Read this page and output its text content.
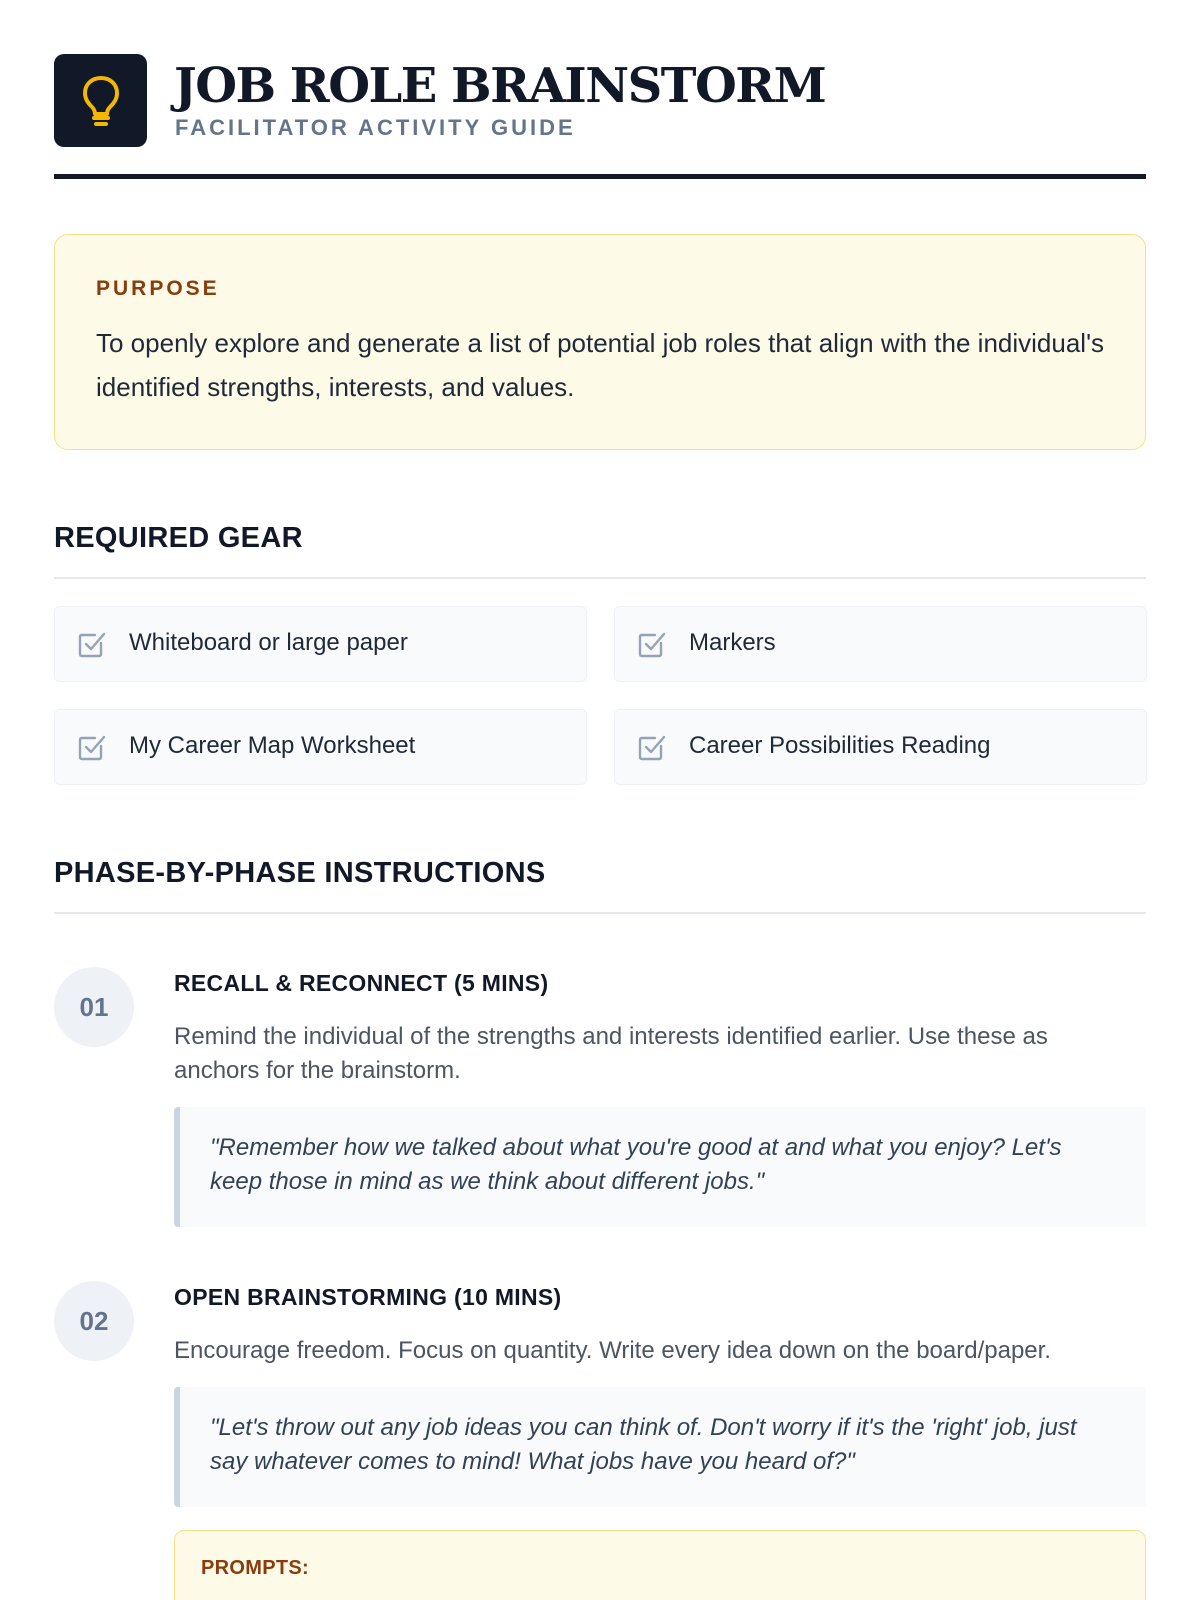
JOB ROLE BRAINSTORM
FACILITATOR ACTIVITY GUIDE
PURPOSE
To openly explore and generate a list of potential job roles that align with the individual's identified strengths, interests, and values.
REQUIRED GEAR
Whiteboard or large paper	Markers
My Career Map Worksheet	Career Possibilities Reading
PHASE-BY-PHASE INSTRUCTIONS
01
RECALL & RECONNECT (5 MINS)
Remind the individual of the strengths and interests identified earlier. Use these as anchors for the brainstorm.
"Remember how we talked about what you're good at and what you enjoy? Let's keep those in mind as we think about different jobs."
02
OPEN BRAINSTORMING (10 MINS)
Encourage freedom. Focus on quantity. Write every idea down on the board/paper.
"Let's throw out any job ideas you can think of. Don't worry if it's the 'right' job, just say whatever comes to mind! What jobs have you heard of?"
PROMPTS:
